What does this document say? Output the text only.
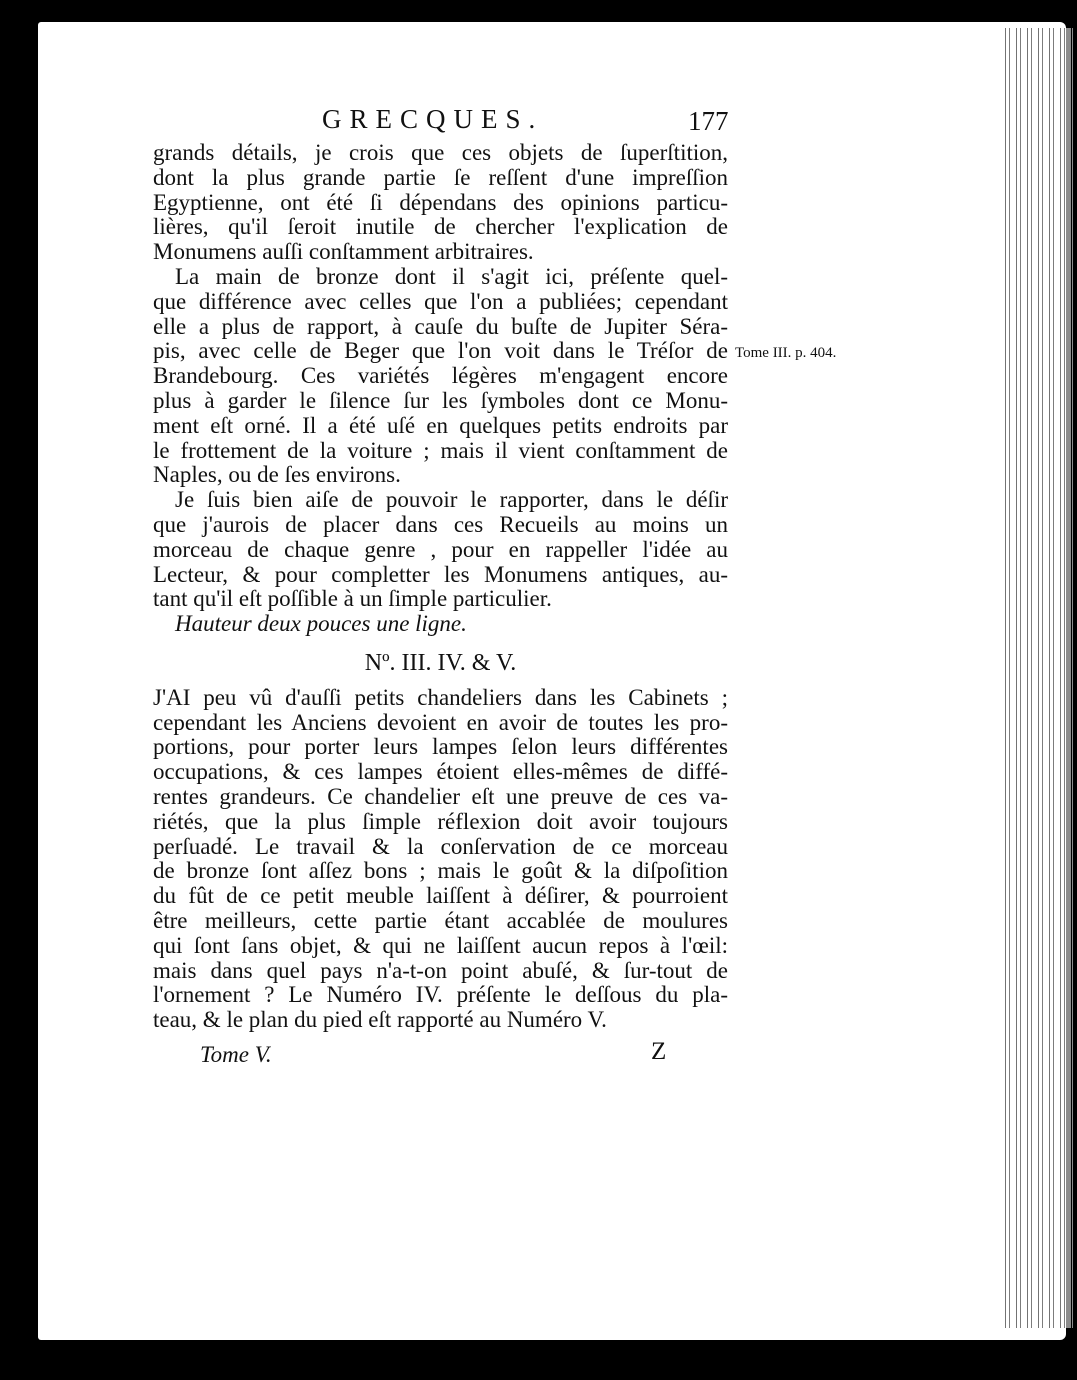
GRECQUES.	177

grands détails, je crois que ces objets de ſuperſtition,

dont la plus grande partie ſe reſſent d'une impreſſion

Egyptienne, ont été ſi dépendans des opinions particu-

lières, qu'il ſeroit inutile de chercher l'explication de

Monumens auſſi conſtamment arbitraires.

La main de bronze dont il s'agit ici, préſente quel-

que différence avec celles que l'on a publiées; cependant

elle a plus de rapport, à cauſe du buſte de Jupiter Séra-

pis, avec celle de Beger que l'on voit dans le Tréſor de

Brandebourg. Ces variétés légères m'engagent encore

plus à garder le ſilence ſur les ſymboles dont ce Monu-

ment eſt orné. Il a été uſé en quelques petits endroits par

le frottement de la voiture ; mais il vient conſtamment de

Naples, ou de ſes environs.

Je ſuis bien aiſe de pouvoir le rapporter, dans le déſir

que j'aurois de placer dans ces Recueils au moins un

morceau de chaque genre , pour en rappeller l'idée au

Lecteur, & pour completter les Monumens antiques, au-

tant qu'il eſt poſſible à un ſimple particulier.

Hauteur deux pouces une ligne.

Nº. III. IV. & V.

J'AI peu vû d'auſſi petits chandeliers dans les Cabinets ;

cependant les Anciens devoient en avoir de toutes les pro-

portions, pour porter leurs lampes ſelon leurs différentes

occupations, & ces lampes étoient elles-mêmes de diffé-

rentes grandeurs. Ce chandelier eſt une preuve de ces va-

riétés, que la plus ſimple réflexion doit avoir toujours

perſuadé. Le travail & la conſervation de ce morceau

de bronze ſont aſſez bons ; mais le goût & la diſpoſition

du fût de ce petit meuble laiſſent à déſirer, & pourroient

être meilleurs, cette partie étant accablée de moulures

qui ſont ſans objet, & qui ne laiſſent aucun repos à l'œil:

mais dans quel pays n'a-t-on point abuſé, & ſur-tout de

l'ornement ? Le Numéro IV. préſente le deſſous du pla-

teau, & le plan du pied eſt rapporté au Numéro V.

Tome III. p. 404.
Tome V.	Z
